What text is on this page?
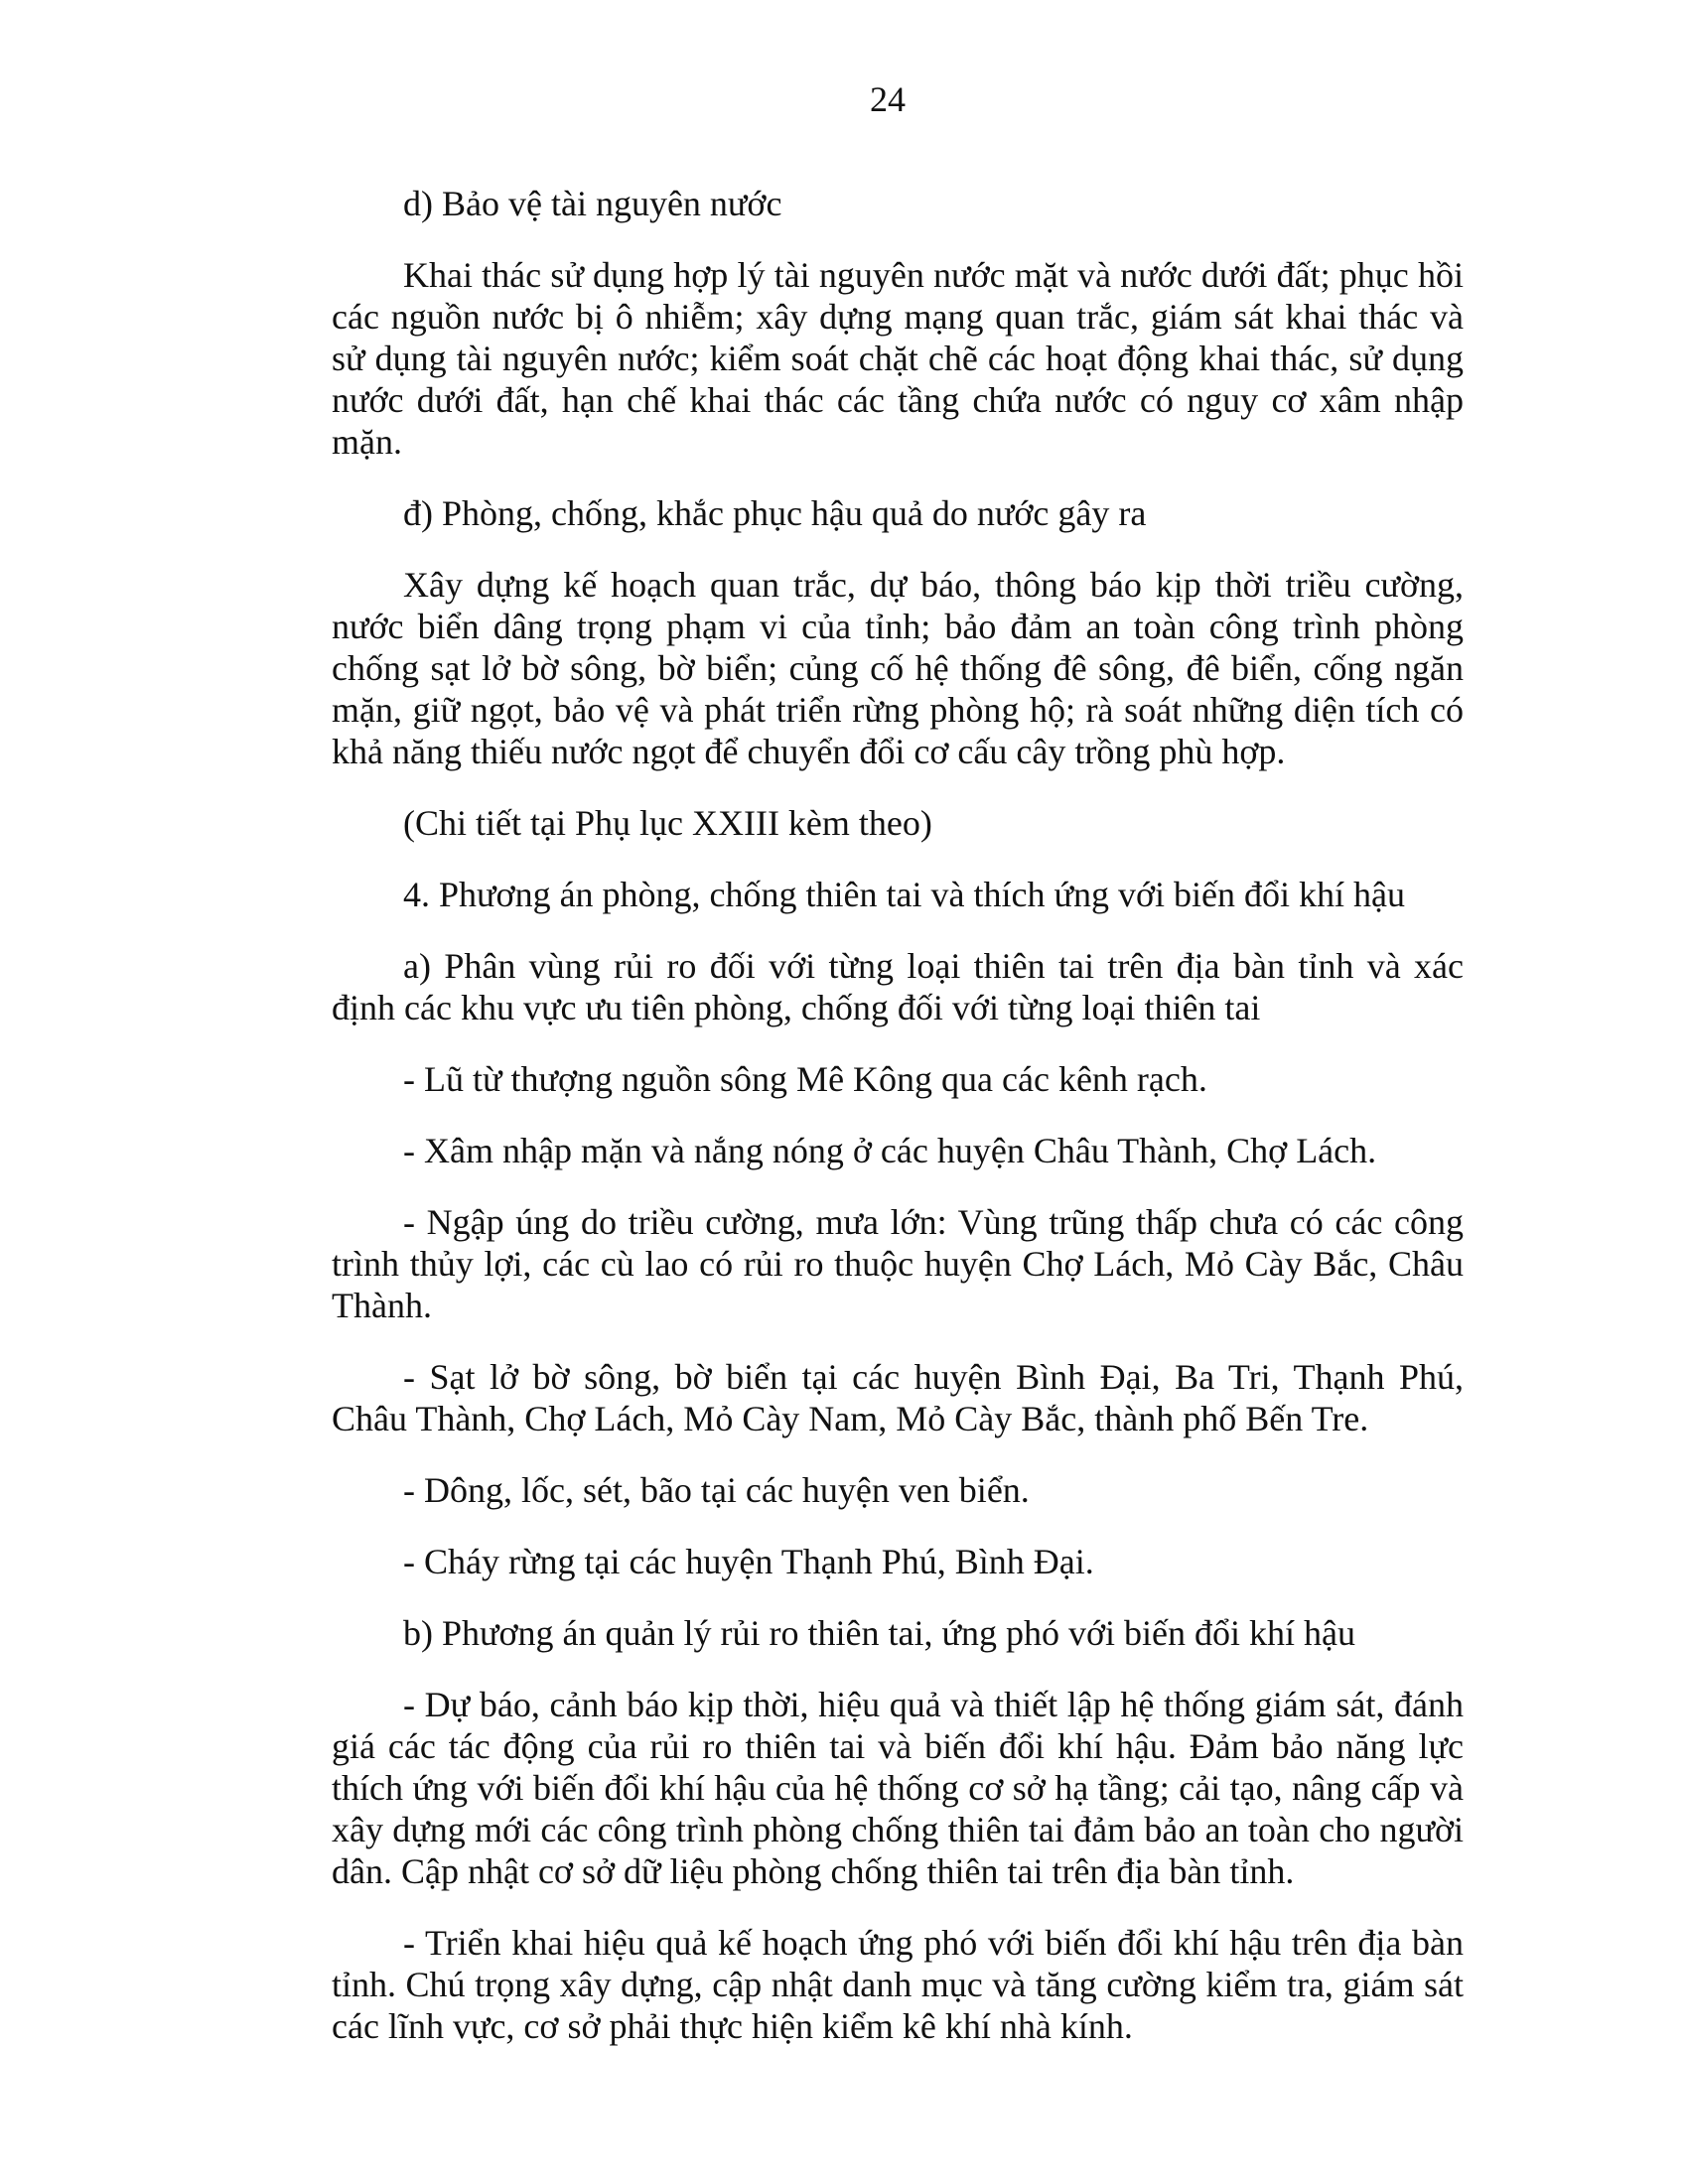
24

d) Bảo vệ tài nguyên nước

Khai thác sử dụng hợp lý tài nguyên nước mặt và nước dưới đất; phục hồi các nguồn nước bị ô nhiễm; xây dựng mạng quan trắc, giám sát khai thác và sử dụng tài nguyên nước; kiểm soát chặt chẽ các hoạt động khai thác, sử dụng nước dưới đất, hạn chế khai thác các tầng chứa nước có nguy cơ xâm nhập mặn.

đ) Phòng, chống, khắc phục hậu quả do nước gây ra

Xây dựng kế hoạch quan trắc, dự báo, thông báo kịp thời triều cường, nước biển dâng trọng phạm vi của tỉnh; bảo đảm an toàn công trình phòng chống sạt lở bờ sông, bờ biển; củng cố hệ thống đê sông, đê biển, cống ngăn mặn, giữ ngọt, bảo vệ và phát triển rừng phòng hộ; rà soát những diện tích có khả năng thiếu nước ngọt để chuyển đổi cơ cấu cây trồng phù hợp.

(Chi tiết tại Phụ lục XXIII kèm theo)

4. Phương án phòng, chống thiên tai và thích ứng với biến đổi khí hậu

a) Phân vùng rủi ro đối với từng loại thiên tai trên địa bàn tỉnh và xác định các khu vực ưu tiên phòng, chống đối với từng loại thiên tai

- Lũ từ thượng nguồn sông Mê Kông qua các kênh rạch.

- Xâm nhập mặn và nắng nóng ở các huyện Châu Thành, Chợ Lách.

- Ngập úng do triều cường, mưa lớn: Vùng trũng thấp chưa có các công trình thủy lợi, các cù lao có rủi ro thuộc huyện Chợ Lách, Mỏ Cày Bắc, Châu Thành.

- Sạt lở bờ sông, bờ biển tại các huyện Bình Đại, Ba Tri, Thạnh Phú, Châu Thành, Chợ Lách, Mỏ Cày Nam, Mỏ Cày Bắc, thành phố Bến Tre.

- Dông, lốc, sét, bão tại các huyện ven biển.

- Cháy rừng tại các huyện Thạnh Phú, Bình Đại.

b) Phương án quản lý rủi ro thiên tai, ứng phó với biến đổi khí hậu

- Dự báo, cảnh báo kịp thời, hiệu quả và thiết lập hệ thống giám sát, đánh giá các tác động của rủi ro thiên tai và biến đổi khí hậu. Đảm bảo năng lực thích ứng với biến đổi khí hậu của hệ thống cơ sở hạ tầng; cải tạo, nâng cấp và xây dựng mới các công trình phòng chống thiên tai đảm bảo an toàn cho người dân. Cập nhật cơ sở dữ liệu phòng chống thiên tai trên địa bàn tỉnh.

- Triển khai hiệu quả kế hoạch ứng phó với biến đổi khí hậu trên địa bàn tỉnh. Chú trọng xây dựng, cập nhật danh mục và tăng cường kiểm tra, giám sát các lĩnh vực, cơ sở phải thực hiện kiểm kê khí nhà kính.
